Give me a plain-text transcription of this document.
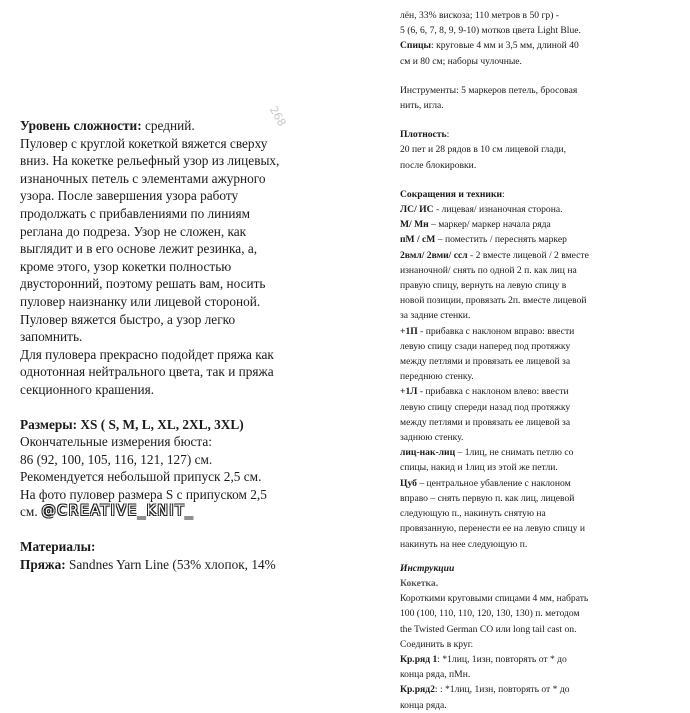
268

Уровень сложности: средний.

Пуловер с круглой кокеткой вяжется сверху

вниз. На кокетке рельефный узор из лицевых,

изнаночных петель с элементами ажурного

узора. После завершения узора работу

продолжать с прибавлениями по линиям

реглана до подреза. Узор не сложен, как

выглядит и в его основе лежит резинка, а,

кроме этого, узор кокетки полностью

двусторонний, поэтому решать вам, носить

пуловер наизнанку или лицевой стороной.

Пуловер вяжется быстро, а узор легко

запомнить.

Для пуловера прекрасно подойдет пряжа как

однотонная нейтрального цвета, так и пряжа

секционного крашения.

Размеры: XS ( S, M, L, XL, 2XL, 3XL)

Окончательные измерения бюста:

86 (92, 100, 105, 116, 121, 127) см.

Рекомендуется небольшой припуск 2,5 см.

На фото пуловер размера S с припуском 2,5

см. @CREATIVE_KNIT_

Материалы:

Пряжа: Sandnes Yarn Line (53% хлопок, 14%

лён, 33% вискоза; 110 метров в 50 гр) -

5 (6, 6, 7, 8, 9, 9-10) мотков цвета Light Blue.

Спицы: круговые 4 мм и 3,5 мм, длиной 40

см и 80 см; наборы чулочные.

Инструменты: 5 маркеров петель, бросовая

нить, игла.

Плотность:

20 пет и 28 рядов в 10 см лицевой глади,

после блокировки.

Сокращения и техники:

ЛС/ ИС - лицевая/ изнаночная сторона.

М/ Мн – маркер/ маркер начала ряда

пМ / сМ – поместить / переснять маркер

2вмл/ 2вми/ ссл - 2 вместе лицевой / 2 вместе

изнаночной/ снять по одной 2 п. как лиц на

правую спицу, вернуть на левую спицу в

новой позиции, провязать 2п. вместе лицевой

за задние стенки.

+1П - прибавка с наклоном вправо: ввести

левую спицу сзади наперед под протяжку

между петлями и провязать ее лицевой за

переднюю стенку.

+1Л - прибавка с наклоном влево: ввести

левую спицу спереди назад под протяжку

между петлями и провязать ее лицевой за

заднюю стенку.

лиц-нак-лиц – 1лиц, не снимать петлю со

спицы, накид и 1лиц из этой же петли.

Цуб – центральное убавление с наклоном

вправо – снять первую п. как лиц, лицевой

следующую п., накинуть снятую на

провязанную, перенести ее на левую спицу и

накинуть на нее следующую п.

Инструкции

Кокетка.

Короткими круговыми спицами 4 мм, набрать

100 (100, 110, 110, 120, 130, 130) п. методом

the Twisted German CO или long tail cast on.

Соединить в круг.

Кр.ряд 1: *1лиц, 1изн, повторять от * до

конца ряда, пМн.

Кр.ряд2: : *1лиц, 1изн, повторять от * до

конца ряда.
